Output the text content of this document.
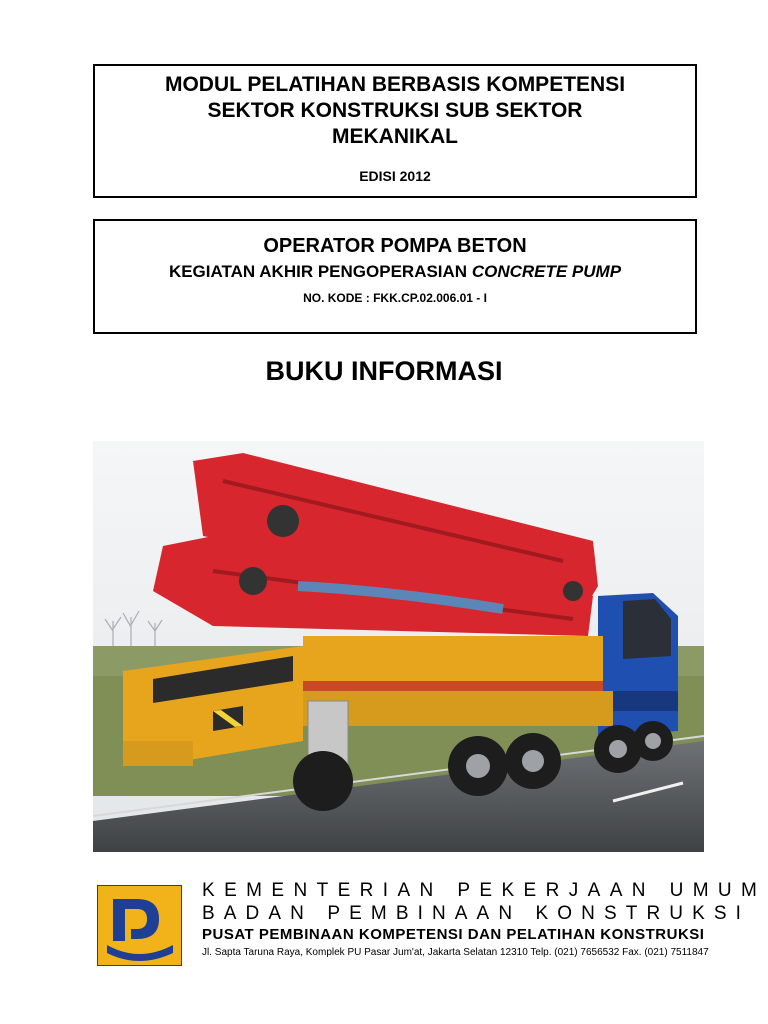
MODUL PELATIHAN BERBASIS KOMPETENSI
SEKTOR KONSTRUKSI SUB SEKTOR
MEKANIKAL
EDISI 2012
OPERATOR POMPA BETON
KEGIATAN AKHIR PENGOPERASIAN CONCRETE PUMP
NO. KODE : FKK.CP.02.006.01 - I
BUKU INFORMASI
KEMENTERIAN PEKERJAAN UMUM
BADAN PEMBINAAN KONSTRUKSI
PUSAT PEMBINAAN KOMPETENSI DAN PELATIHAN KONSTRUKSI
Jl. Sapta Taruna Raya, Komplek PU Pasar Jum'at, Jakarta Selatan 12310 Telp. (021) 7656532 Fax. (021) 7511847
